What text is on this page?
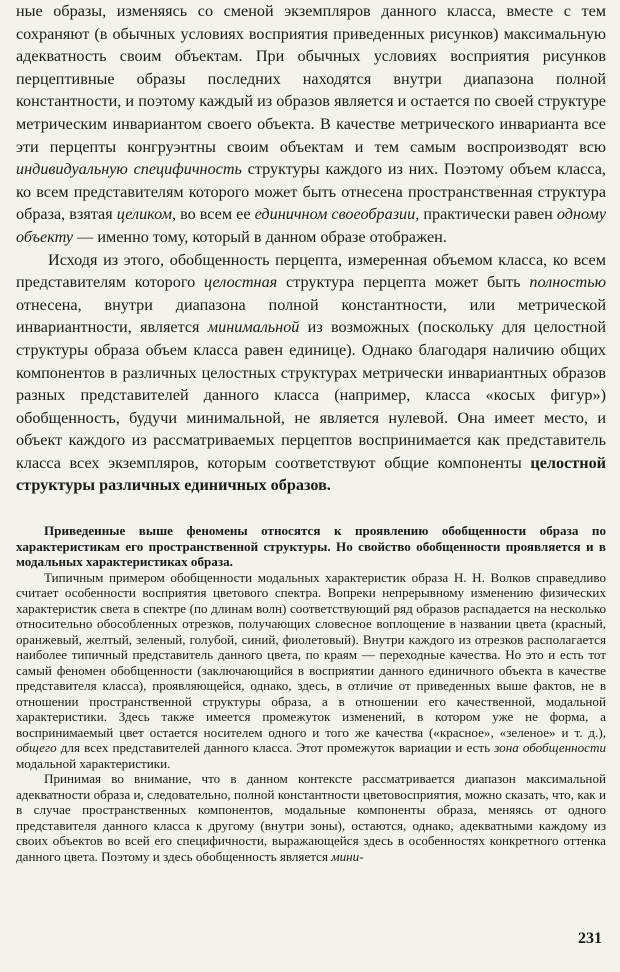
ные образы, изменяясь со сменой экземпляров данного класса, вместе с тем сохраняют (в обычных условиях восприятия приведенных рисунков) максимальную адекватность своим объектам. При обычных условиях восприятия рисунков перцептивные образы последних находятся внутри диапазона полной константности, и поэтому каждый из образов является и остается по своей структуре метрическим инвариантом своего объекта. В качестве метрического инварианта все эти перцепты конгруэнтны своим объектам и тем самым воспроизводят всю индивидуальную специфичность структуры каждого из них. Поэтому объем класса, ко всем представителям которого может быть отнесена пространственная структура образа, взятая целиком, во всем ее единичном своеобразии, практически равен одному объекту — именно тому, который в данном образе отображен.

Исходя из этого, обобщенность перцепта, измеренная объемом класса, ко всем представителям которого целостная структура перцепта может быть полностью отнесена, внутри диапазона полной константности, или метрической инвариантности, является минимальной из возможных (поскольку для целостной структуры образа объем класса равен единице). Однако благодаря наличию общих компонентов в различных целостных структурах метрически инвариантных образов разных представителей данного класса (например, класса «косых фигур») обобщенность, будучи минимальной, не является нулевой. Она имеет место, и объект каждого из рассматриваемых перцептов воспринимается как представитель класса всех экземпляров, которым соответствуют общие компоненты целостной структуры различных единичных образов.

Приведенные выше феномены относятся к проявлению обобщенности образа по характеристикам его пространственной структуры. Но свойство обобщенности проявляется и в модальных характеристиках образа.

Типичным примером обобщенности модальных характеристик образа Н. Н. Волков справедливо считает особенности восприятия цветового спектра. Вопреки непрерывному изменению физических характеристик света в спектре (по длинам волн) соответствующий ряд образов распадается на несколько относительно обособленных отрезков, получающих словесное воплощение в названии цвета (красный, оранжевый, желтый, зеленый, голубой, синий, фиолетовый). Внутри каждого из отрезков располагается наиболее типичный представитель данного цвета, по краям — переходные качества. Но это и есть тот самый феномен обобщенности (заключающийся в восприятии данного единичного объекта в качестве представителя класса), проявляющейся, однако, здесь, в отличие от приведенных выше фактов, не в отношении пространственной структуры образа, а в отношении его качественной, модальной характеристики. Здесь также имеется промежуток изменений, в котором уже не форма, а воспринимаемый цвет остается носителем одного и того же качества («красное», «зеленое» и т. д.), общего для всех представителей данного класса. Этот промежуток вариации и есть зона обобщенности модальной характеристики.

Принимая во внимание, что в данном контексте рассматривается диапазон максимальной адекватности образа и, следовательно, полной константности цветовосприятия, можно сказать, что, как и в случае пространственных компонентов, модальные компоненты образа, меняясь от одного представителя данного класса к другому (внутри зоны), остаются, однако, адекватными каждому из своих объектов во всей его специфичности, выражающейся здесь в особенностях конкретного оттенка данного цвета. Поэтому и здесь обобщенность является мини-

231
